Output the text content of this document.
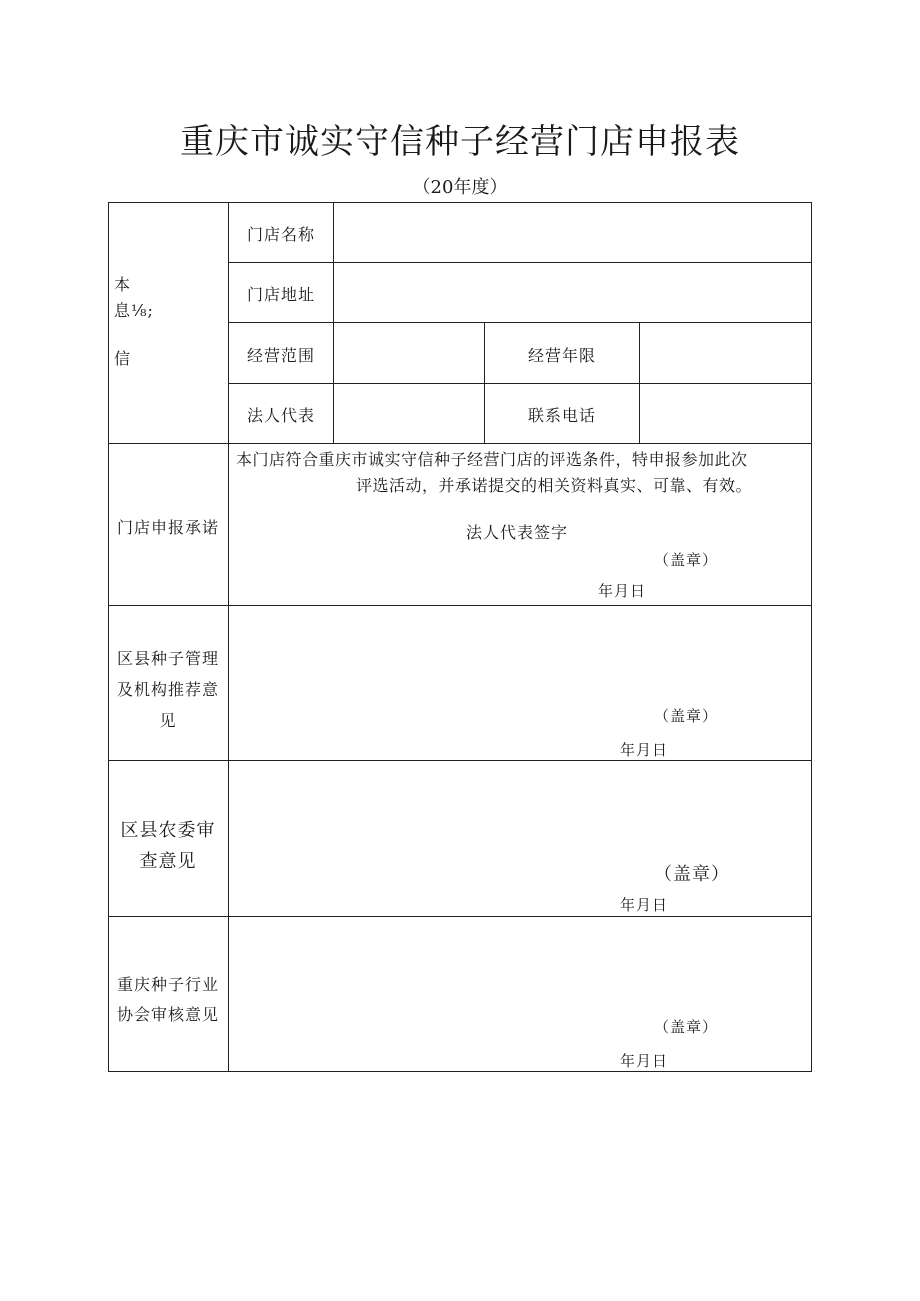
重庆市诚实守信种子经营门店申报表
（20年度）
本
息⅛;
信
门店名称
门店地址
经营范围
法人代表
经营年限
联系电话
门店申报承诺
本门店符合重庆市诚实守信种子经营门店的评选条件，特申报参加此次
评选活动，并承诺提交的相关资料真实、可靠、有效。
法人代表签字
（盖章）
年月日
区县种子管理
及机构推荐意
见	（盖章）
年月日
区县农委审
查意见
（盖章）
年月日
重庆种子行业
协会审核意见
（盖章）
年月日
